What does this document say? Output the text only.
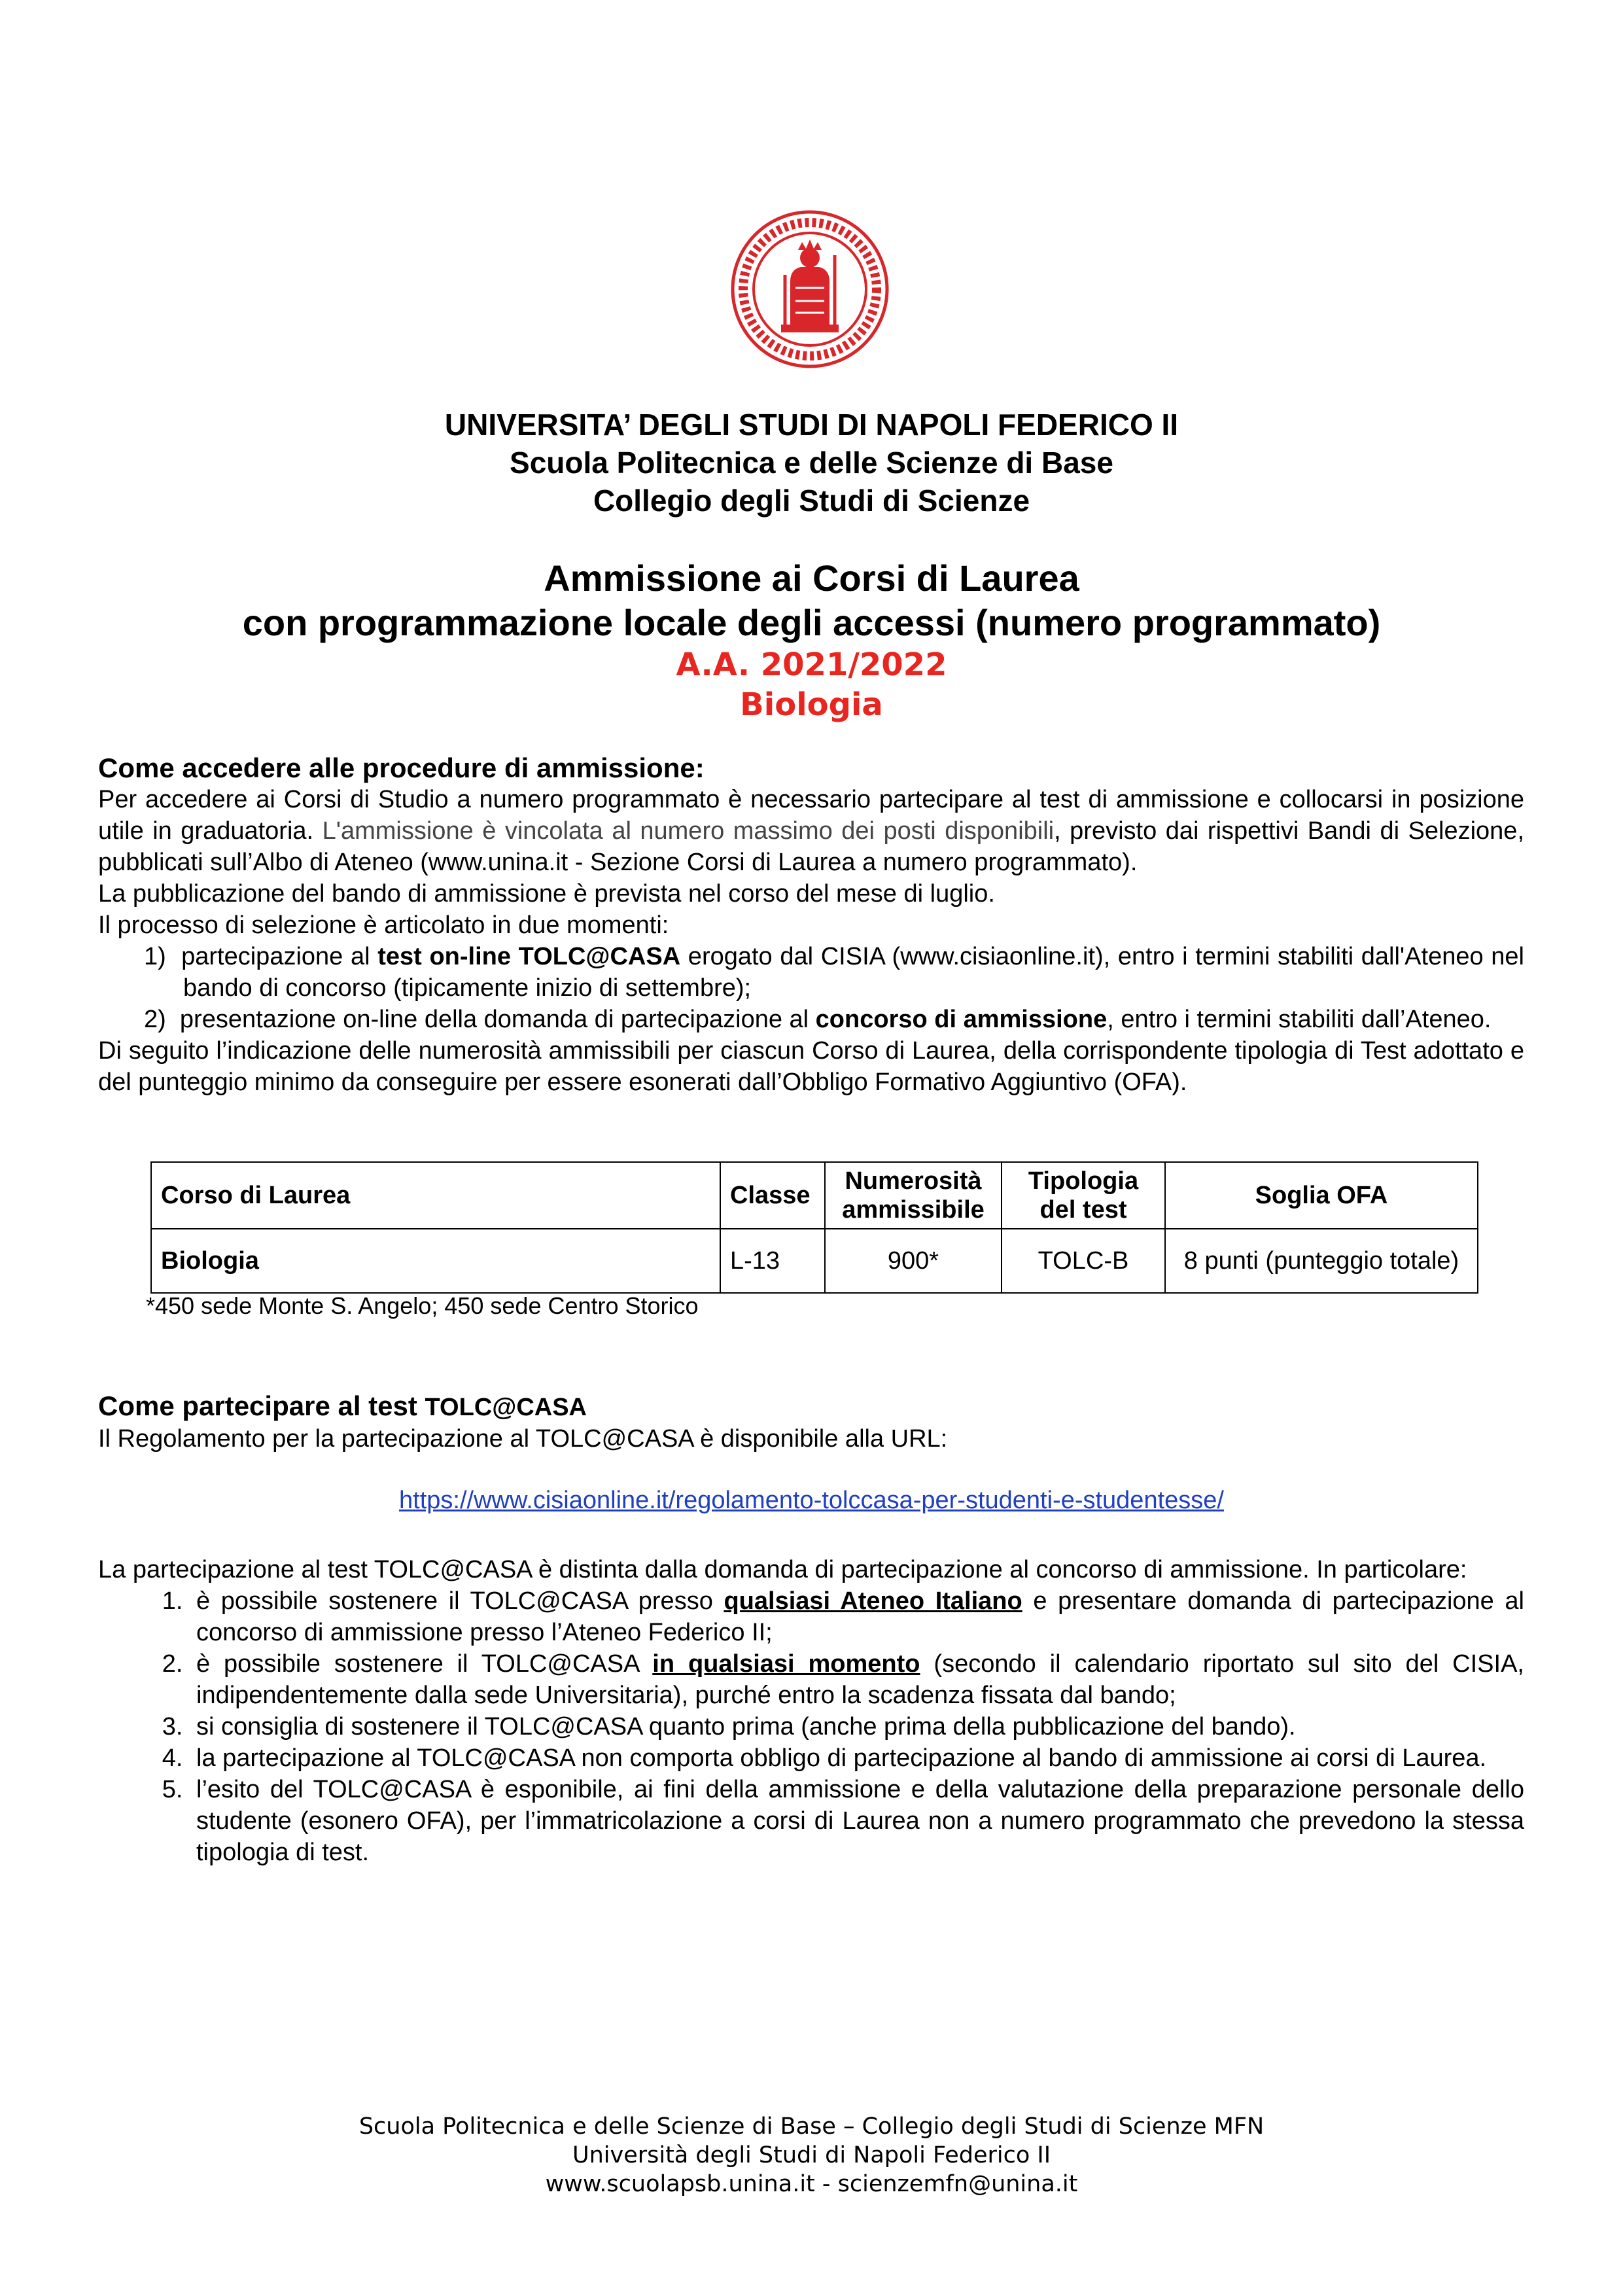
UNIVERSITA’ DEGLI STUDI DI NAPOLI FEDERICO II
Scuola Politecnica e delle Scienze di Base
Collegio degli Studi di Scienze
Ammissione ai Corsi di Laurea
con programmazione locale degli accessi (numero programmato)
A.A. 2021/2022
Biologia
Come accedere alle procedure di ammissione:
Per accedere ai Corsi di Studio a numero programmato è necessario partecipare al test di ammissione e collocarsi in posizione utile in graduatoria. L'ammissione è vincolata al numero massimo dei posti disponibili, previsto dai rispettivi Bandi di Selezione, pubblicati sull’Albo di Ateneo (www.unina.it - Sezione Corsi di Laurea a numero programmato).
La pubblicazione del bando di ammissione è prevista nel corso del mese di luglio.
Il processo di selezione è articolato in due momenti:
1)  partecipazione al test on-line TOLC@CASA erogato dal CISIA (www.cisiaonline.it), entro i termini stabiliti dall'Ateneo nel bando di concorso (tipicamente inizio di settembre);
2)  presentazione on-line della domanda di partecipazione al concorso di ammissione, entro i termini stabiliti dall’Ateneo.
Di seguito l’indicazione delle numerosità ammissibili per ciascun Corso di Laurea, della corrispondente tipologia di Test adottato e del punteggio minimo da conseguire per essere esonerati dall’Obbligo Formativo Aggiuntivo (OFA).
Corso di Laurea	Classe	Numerosità ammissibile	Tipologia del test	Soglia OFA
Biologia	L-13	900*	TOLC-B	8 punti (punteggio totale)
*450 sede Monte S. Angelo; 450 sede Centro Storico
Come partecipare al test TOLC@CASA
Il Regolamento per la partecipazione al TOLC@CASA è disponibile alla URL:
https://www.cisiaonline.it/regolamento-tolccasa-per-studenti-e-studentesse/
La partecipazione al test TOLC@CASA è distinta dalla domanda di partecipazione al concorso di ammissione. In particolare:
1. è possibile sostenere il TOLC@CASA presso qualsiasi Ateneo Italiano e presentare domanda di partecipazione al concorso di ammissione presso l’Ateneo Federico II;
2. è possibile sostenere il TOLC@CASA in qualsiasi momento (secondo il calendario riportato sul sito del CISIA, indipendentemente dalla sede Universitaria), purché entro la scadenza fissata dal bando;
3. si consiglia di sostenere il TOLC@CASA quanto prima (anche prima della pubblicazione del bando).
4. la partecipazione al TOLC@CASA non comporta obbligo di partecipazione al bando di ammissione ai corsi di Laurea.
5. l’esito del TOLC@CASA è esponibile, ai fini della ammissione e della valutazione della preparazione personale dello studente (esonero OFA), per l’immatricolazione a corsi di Laurea non a numero programmato che prevedono la stessa tipologia di test.
Scuola Politecnica e delle Scienze di Base – Collegio degli Studi di Scienze MFN
Università degli Studi di Napoli Federico II
www.scuolapsb.unina.it - scienzemfn@unina.it
